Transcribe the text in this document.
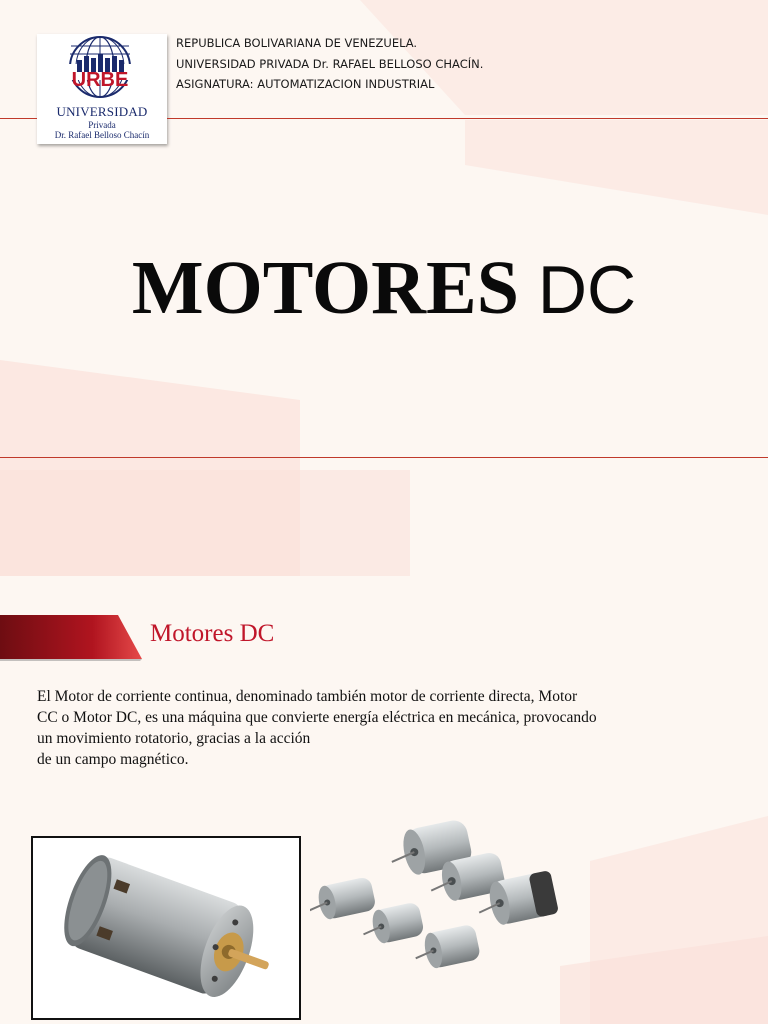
URBE
UNIVERSIDAD
Privada
Dr. Rafael Belloso Chacín
REPUBLICA BOLIVARIANA DE VENEZUELA.
UNIVERSIDAD PRIVADA Dr. RAFAEL BELLOSO CHACÍN.
ASIGNATURA: AUTOMATIZACION INDUSTRIAL
MOTORES DC
Motores DC
El Motor de corriente continua, denominado también motor de corriente directa, Motor
CC o Motor DC, es una máquina que convierte energía eléctrica en mecánica, provocando
un movimiento rotatorio, gracias a la acción
de un campo magnético.
